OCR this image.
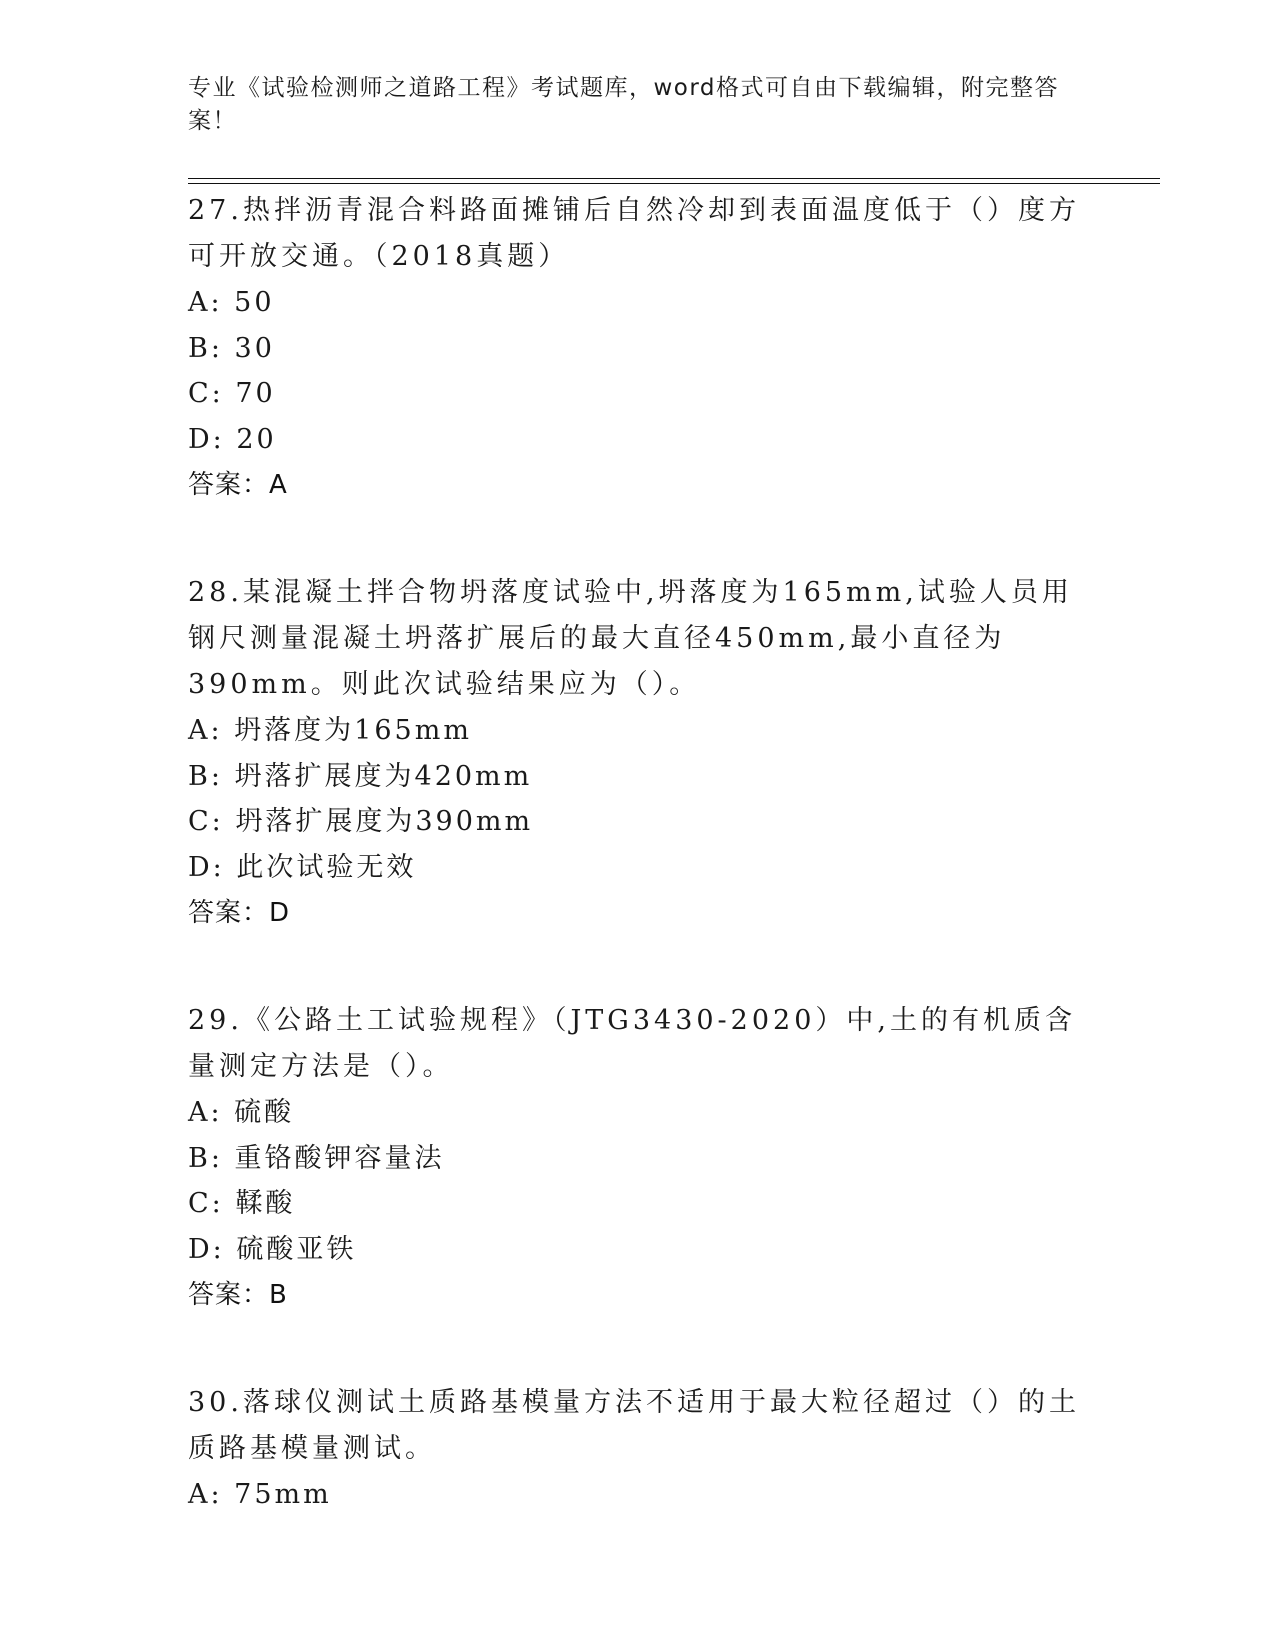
专业《试验检测师之道路工程》考试题库，word格式可自由下载编辑，附完整答案！
27.热拌沥青混合料路面摊铺后自然冷却到表面温度低于（）度方可开放交通。（2018真题）
A: 50
B: 30
C: 70
D: 20
答案：A
28.某混凝土拌合物坍落度试验中,坍落度为165mm,试验人员用钢尺测量混凝土坍落扩展后的最大直径450mm,最小直径为390mm。则此次试验结果应为（）。
A: 坍落度为165mm
B: 坍落扩展度为420mm
C: 坍落扩展度为390mm
D: 此次试验无效
答案：D
29.《公路土工试验规程》（JTG3430-2020）中,土的有机质含量测定方法是（）。
A: 硫酸
B: 重铬酸钾容量法
C: 鞣酸
D: 硫酸亚铁
答案：B
30.落球仪测试土质路基模量方法不适用于最大粒径超过（）的土质路基模量测试。
A: 75mm
